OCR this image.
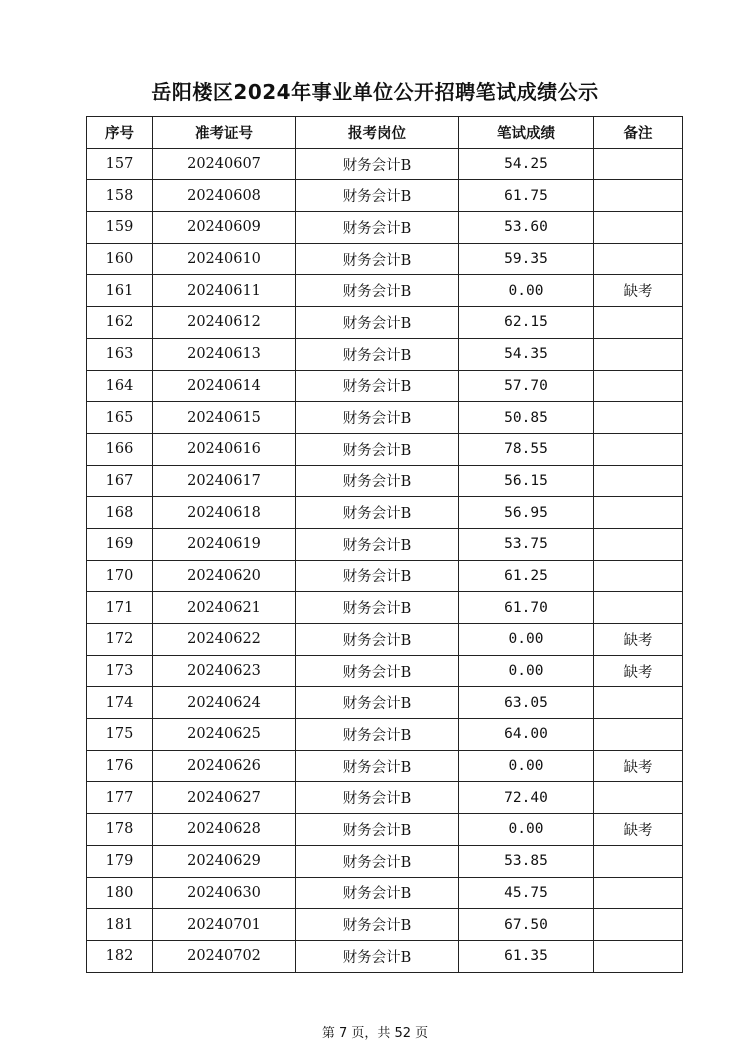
岳阳楼区2024年事业单位公开招聘笔试成绩公示
序号	准考证号	报考岗位	笔试成绩	备注
157	20240607	财务会计B	54.25	
158	20240608	财务会计B	61.75	
159	20240609	财务会计B	53.60	
160	20240610	财务会计B	59.35	
161	20240611	财务会计B	0.00	缺考
162	20240612	财务会计B	62.15	
163	20240613	财务会计B	54.35	
164	20240614	财务会计B	57.70	
165	20240615	财务会计B	50.85	
166	20240616	财务会计B	78.55	
167	20240617	财务会计B	56.15	
168	20240618	财务会计B	56.95	
169	20240619	财务会计B	53.75	
170	20240620	财务会计B	61.25	
171	20240621	财务会计B	61.70	
172	20240622	财务会计B	0.00	缺考
173	20240623	财务会计B	0.00	缺考
174	20240624	财务会计B	63.05	
175	20240625	财务会计B	64.00	
176	20240626	财务会计B	0.00	缺考
177	20240627	财务会计B	72.40	
178	20240628	财务会计B	0.00	缺考
179	20240629	财务会计B	53.85	
180	20240630	财务会计B	45.75	
181	20240701	财务会计B	67.50	
182	20240702	财务会计B	61.35	
第 7 页，共 52 页
